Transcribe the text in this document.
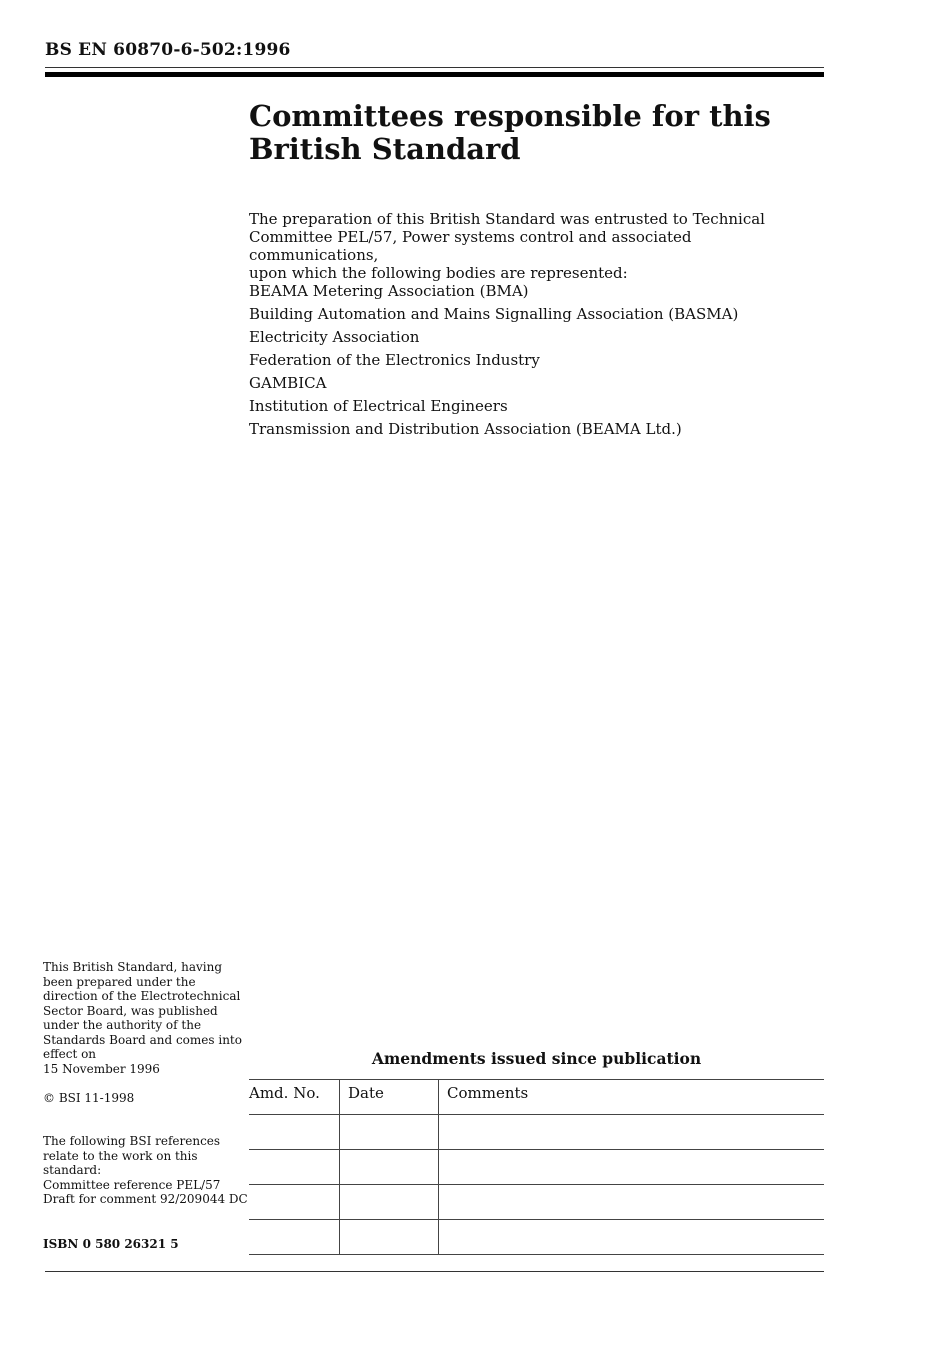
BS EN 60870-6-502:1996
Committees responsible for this
British Standard

The preparation of this British Standard was entrusted to Technical
Committee PEL/57, Power systems control and associated communications,
upon which the following bodies are represented:

BEAMA Metering Association (BMA)
Building Automation and Mains Signalling Association (BASMA)
Electricity Association
Federation of the Electronics Industry
GAMBICA
Institution of Electrical Engineers
Transmission and Distribution Association (BEAMA Ltd.)
This British Standard, having
been prepared under the
direction of the Electrotechnical
Sector Board, was published
under the authority of the
Standards Board and comes into
effect on
15 November 1996
© BSI 11-1998
The following BSI references
relate to the work on this
standard:
Committee reference PEL/57
Draft for comment 92/209044 DC
ISBN 0 580 26321 5
Amendments issued since publication
Amd. No.	Date	Comments
